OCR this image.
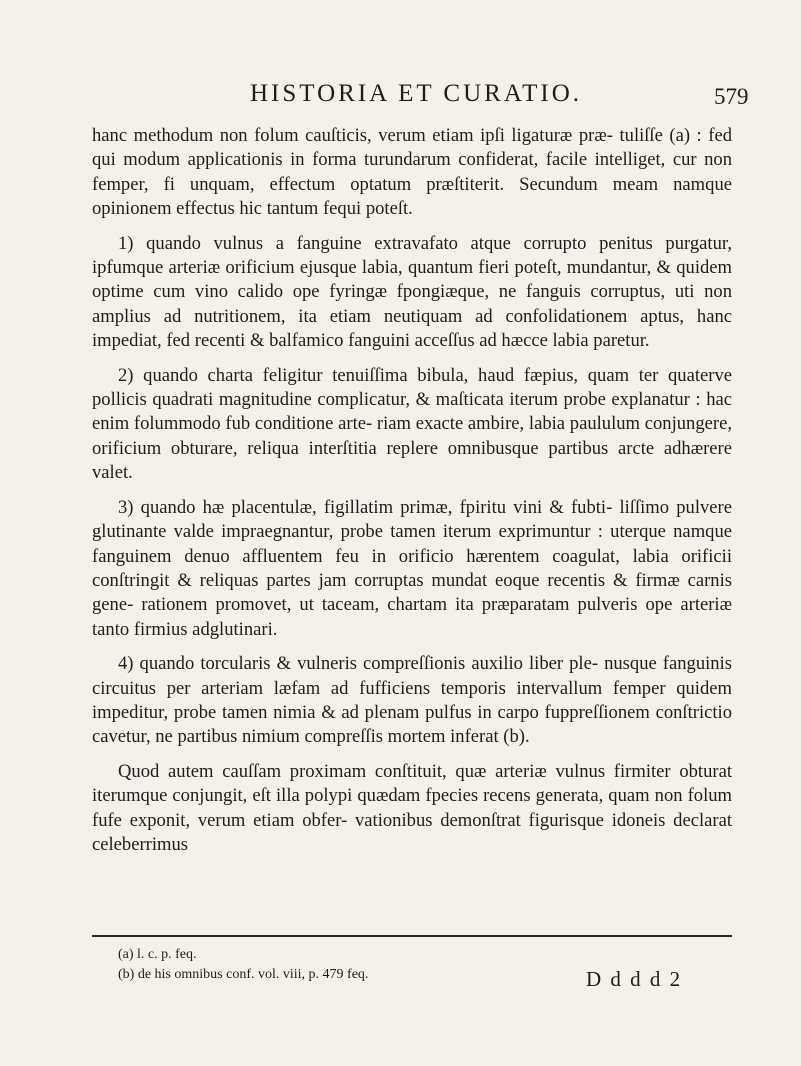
HISTORIA ET CURATIO.	579

hanc methodum non folum cauſticis, verum etiam ipſi ligaturæ præ- tuliſſe (a) : fed qui modum applicationis in forma turundarum confiderat, facile intelliget, cur non femper, fi unquam, effectum optatum præſtiterit. Secundum meam namque opinionem effectus hic tantum fequi poteſt.

1) quando vulnus a fanguine extravafato atque corrupto penitus purgatur, ipfumque arteriæ orificium ejusque labia, quantum fieri poteſt, mundantur, & quidem optime cum vino calido ope fyringæ fpongiæque, ne fanguis corruptus, uti non amplius ad nutritionem, ita etiam neutiquam ad confolidationem aptus, hanc impediat, fed recenti & balfamico fanguini acceſſus ad hæcce labia paretur.

2) quando charta feligitur tenuiſſima bibula, haud fæpius, quam ter quaterve pollicis quadrati magnitudine complicatur, & maſticata iterum probe explanatur : hac enim folummodo fub conditione arte- riam exacte ambire, labia paululum conjungere, orificium obturare, reliqua interſtitia replere omnibusque partibus arcte adhærere valet.

3) quando hæ placentulæ, figillatim primæ, fpiritu vini & fubti- liſſimo pulvere glutinante valde impraegnantur, probe tamen iterum exprimuntur : uterque namque fanguinem denuo affluentem feu in orificio hærentem coagulat, labia orificii conſtringit & reliquas partes jam corruptas mundat eoque recentis & firmæ carnis gene- rationem promovet, ut taceam, chartam ita præparatam pulveris ope arteriæ tanto firmius adglutinari.

4) quando torcularis & vulneris compreſſionis auxilio liber ple- nusque fanguinis circuitus per arteriam læfam ad fufficiens temporis intervallum femper quidem impeditur, probe tamen nimia & ad plenam pulfus in carpo fuppreſſionem conſtrictio cavetur, ne partibus nimium compreſſis mortem inferat (b).

Quod autem cauſſam proximam conſtituit, quæ arteriæ vulnus firmiter obturat iterumque conjungit, eſt illa polypi quædam fpecies recens generata, quam non folum fufe exponit, verum etiam obfer- vationibus demonſtrat figurisque idoneis declarat celeberrimus

(a) l. c. p. feq.
(b) de his omnibus conf. vol. viii, p. 479 feq.	D d d d 2
